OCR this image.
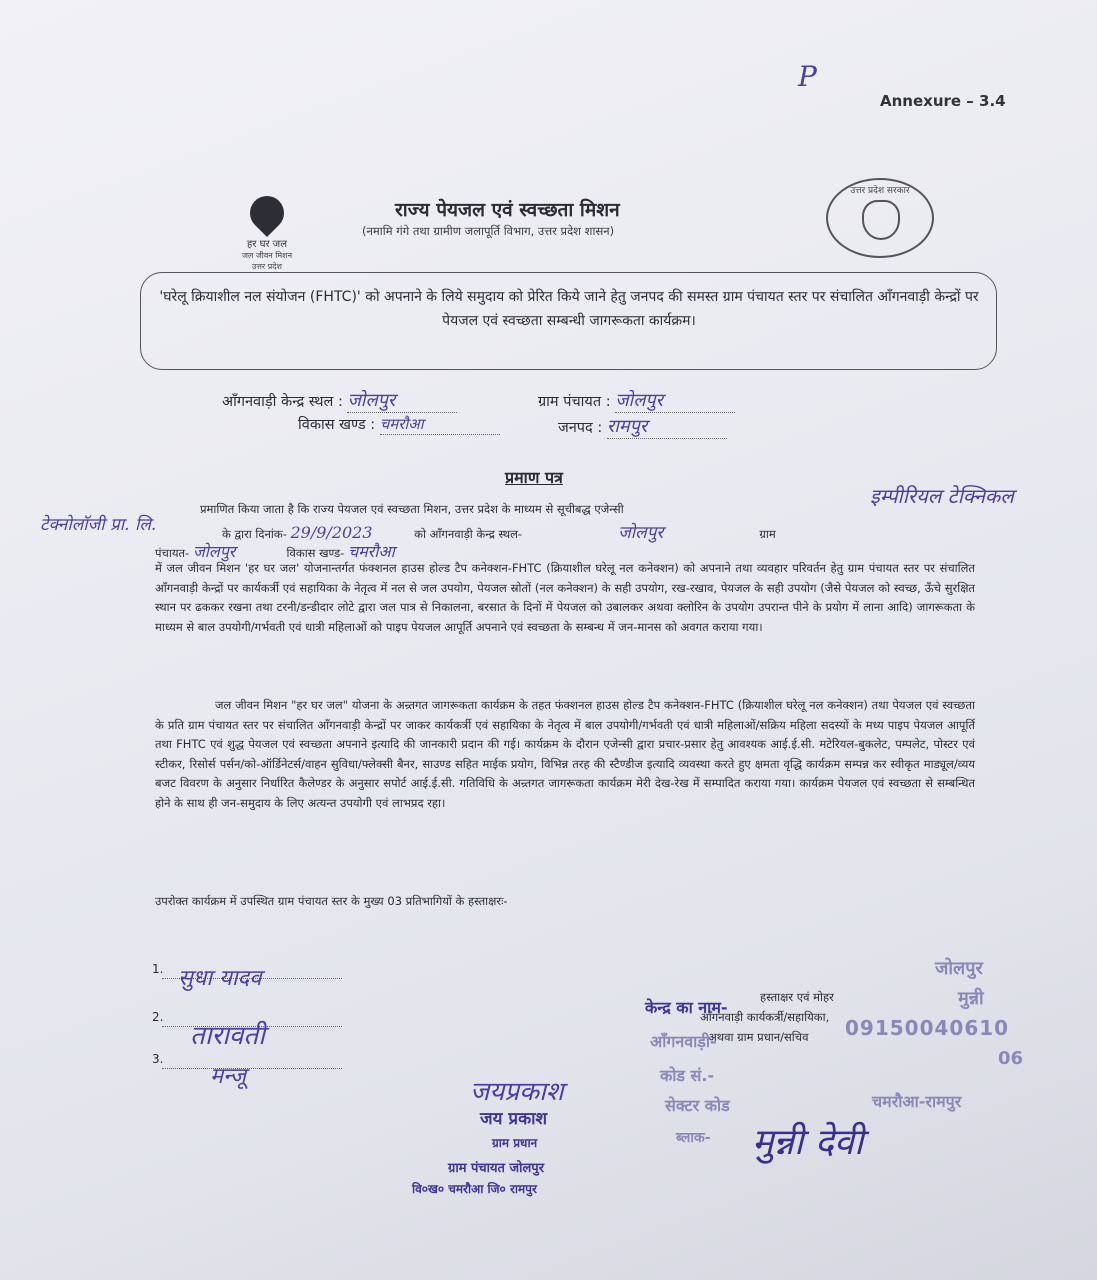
P
Annexure – 3.4
हर घर जल
जल जीवन मिशन
उत्तर प्रदेश
राज्य पेयजल एवं स्वच्छता मिशन
(नमामि गंगे तथा ग्रामीण जलापूर्ति विभाग, उत्तर प्रदेश शासन)
उत्तर प्रदेश सरकार
'घरेलू क्रियाशील नल संयोजन (FHTC)' को अपनाने के लिये समुदाय को प्रेरित किये जाने हेतु जनपद की समस्त ग्राम पंचायत स्तर पर संचालित आँगनवाड़ी केन्द्रों पर पेयजल एवं स्वच्छता सम्बन्धी जागरूकता कार्यक्रम।
आँगनवाड़ी केन्द्र स्थल : जोलपुर	ग्राम पंचायत : जोलपुर
विकास खण्ड : चमरौआ	जनपद : रामपुर
प्रमाण पत्र
इम्पीरियल टेक्निकल
टेक्नोलॉजी प्रा. लि.
प्रमाणित किया जाता है कि राज्य पेयजल एवं स्वच्छता मिशन, उत्तर प्रदेश के माध्यम से सूचीबद्ध एजेन्सी
के द्वारा दिनांक- 29/9/2023	को आँगनवाड़ी केन्द्र स्थल-	जोलपुर	ग्राम
पंचायत- जोलपुर	विकास खण्ड- चमरौआ
में जल जीवन मिशन 'हर घर जल' योजनान्तर्गत फंक्शनल हाउस होल्ड टैप कनेक्शन-FHTC (क्रियाशील घरेलू नल कनेक्शन) को अपनाने तथा व्यवहार परिवर्तन हेतु ग्राम पंचायत स्तर पर संचालित आँगनवाड़ी केन्द्रों पर कार्यकर्त्री एवं सहायिका के नेतृत्व में नल से जल उपयोग, पेयजल स्रोतों (नल कनेक्शन) के सही उपयोग, रख-रखाव, पेयजल के सही उपयोग (जैसे पेयजल को स्वच्छ, ऊँचे सुरक्षित स्थान पर ढककर रखना तथा टरनी/डन्डीदार लोटे द्वारा जल पात्र से निकालना, बरसात के दिनों में पेयजल को उबालकर अथवा क्लोरिन के उपयोग उपरान्त पीने के प्रयोग में लाना आदि) जागरूकता के माध्यम से बाल उपयोगी/गर्भवती एवं धात्री महिलाओं को पाइप पेयजल आपूर्ति अपनाने एवं स्वच्छता के सम्बन्ध में जन-मानस को अवगत कराया गया।
जल जीवन मिशन "हर घर जल" योजना के अन्र्तगत जागरूकता कार्यक्रम के तहत फंक्शनल हाउस होल्ड टैप कनेक्शन-FHTC (क्रियाशील घरेलू नल कनेक्शन) तथा पेयजल एवं स्वच्छता के प्रति ग्राम पंचायत स्तर पर संचालित आँगनवाड़ी केन्द्रों पर जाकर कार्यकर्त्री एवं सहायिका के नेतृत्व में बाल उपयोगी/गर्भवती एवं धात्री महिलाओं/सक्रिय महिला सदस्यों के मध्य पाइप पेयजल आपूर्ति तथा FHTC एवं शुद्ध पेयजल एवं स्वच्छता अपनाने इत्यादि की जानकारी प्रदान की गई। कार्यक्रम के दौरान एजेन्सी द्वारा प्रचार-प्रसार हेतु आवश्यक आई.ई.सी. मटेरियल-बुकलेट, पम्पलेट, पोस्टर एवं स्टीकर, रिसोर्स पर्सन/को-ऑर्डिनेटर्स/वाहन सुविधा/फ्लेक्सी बैनर, साउण्ड सहित माईक प्रयोग, विभिन्न तरह की स्टैण्डीज इत्यादि व्यवस्था करते हुए क्षमता वृद्धि कार्यक्रम सम्पन्न कर स्वीकृत माड्यूल/व्यय बजट विवरण के अनुसार निर्धारित कैलेण्डर के अनुसार सपोर्ट आई.ई.सी. गतिविधि के अन्र्तगत जागरूकता कार्यक्रम मेरी देख-रेख में सम्पादित कराया गया। कार्यक्रम पेयजल एवं स्वच्छता से सम्बन्धित होने के साथ ही जन-समुदाय के लिए अत्यन्त उपयोगी एवं लाभप्रद रहा।
उपरोक्त कार्यक्रम में उपस्थित ग्राम पंचायत स्तर के मुख्य 03 प्रतिभागियों के हस्ताक्षरः-
1. सुधा यादव
2.
तारावती
3.
मन्जू
हस्ताक्षर एवं मोहर
आँगनवाड़ी कार्यकर्त्री/सहायिका,
अथवा ग्राम प्रधान/सचिव
केन्द्र का नाम-
जोलपुर
आँगनवाड़ी-
मुन्नी
कोड सं.-
09150040610
सेक्टर कोड
06
ब्लाक-
चमरौआ-रामपुर
मुन्नी देवी
जयप्रकाश
जय प्रकाश
ग्राम प्रधान
ग्राम पंचायत जोलपुर
वि०ख० चमरौआ जि० रामपुर
